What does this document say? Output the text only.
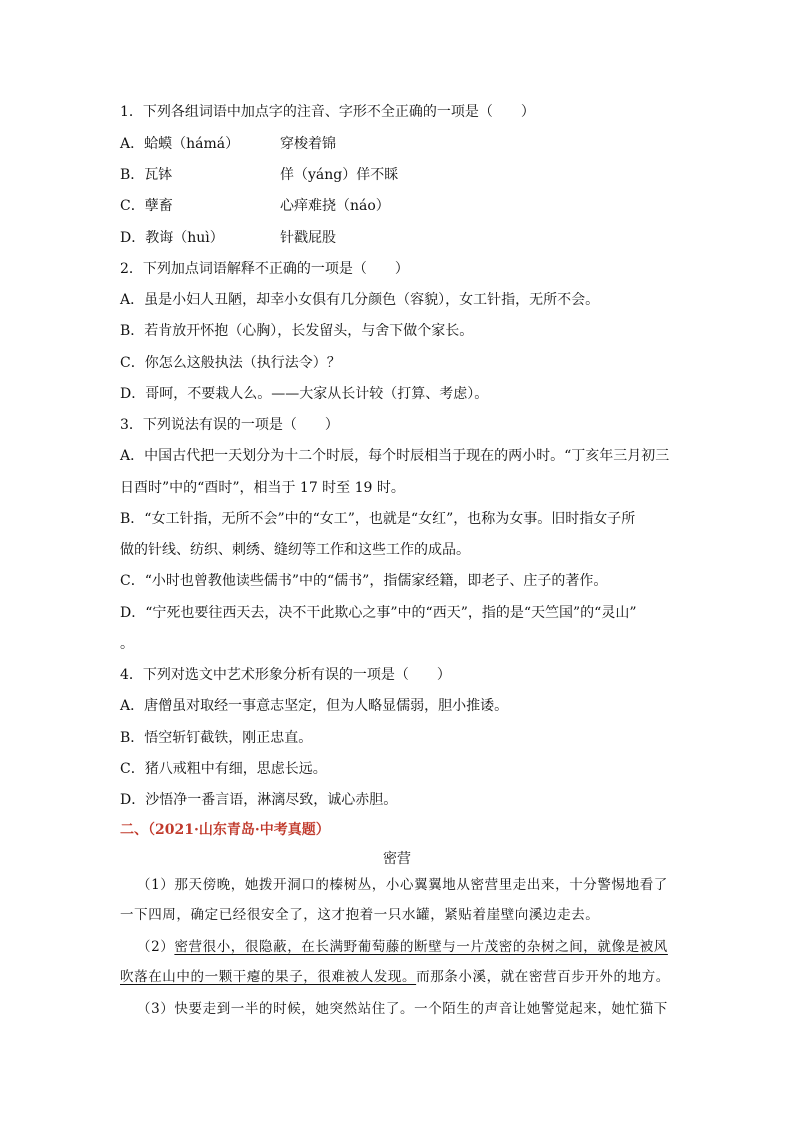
1．下列各组词语中加点字的注音、字形不全正确的一项是（　　）
A．蛤蟆（hámá）	穿梭着锦
B．瓦钵	佯（yáng）佯不睬
C．孽畜	心痒难挠（náo）
D．教诲（huì）	针戳屁股
2．下列加点词语解释不正确的一项是（　　）
A．虽是小妇人丑陋，却幸小女俱有几分颜色（容貌），女工针指，无所不会。
B．若肯放开怀抱（心胸），长发留头，与舍下做个家长。
C．你怎么这般执法（执行法令）？
D．哥呵，不要栽人么。——大家从长计较（打算、考虑）。
3．下列说法有误的一项是（　　）
A．中国古代把一天划分为十二个时辰，每个时辰相当于现在的两小时。“丁亥年三月初三
日酉时”中的“酉时”，相当于 17 时至 19 时。
B．“女工针指，无所不会”中的“女工”，也就是“女红”，也称为女事。旧时指女子所
做的针线、纺织、刺绣、缝纫等工作和这些工作的成品。
C．“小时也曾教他读些儒书”中的“儒书”，指儒家经籍，即老子、庄子的著作。
D．“宁死也要往西天去，决不干此欺心之事”中的“西天”，指的是“天竺国”的“灵山”
。
4．下列对选文中艺术形象分析有误的一项是（　　）
A．唐僧虽对取经一事意志坚定，但为人略显儒弱，胆小推诿。
B．悟空斩钉截铁，刚正忠直。
C．猪八戒粗中有细，思虑长远。
D．沙悟净一番言语，淋漓尽致，诚心赤胆。
二、（2021·山东青岛·中考真题）
密营
（1）那天傍晚，她拨开洞口的榛树丛，小心翼翼地从密营里走出来，十分警惕地看了
一下四周，确定已经很安全了，这才抱着一只水罐，紧贴着崖壁向溪边走去。
（2）密营很小，很隐蔽，在长满野葡萄藤的断壁与一片茂密的杂树之间，就像是被风
吹落在山中的一颗干瘪的果子，很难被人发现。而那条小溪，就在密营百步开外的地方。
（3）快要走到一半的时候，她突然站住了。一个陌生的声音让她警觉起来，她忙猫下
